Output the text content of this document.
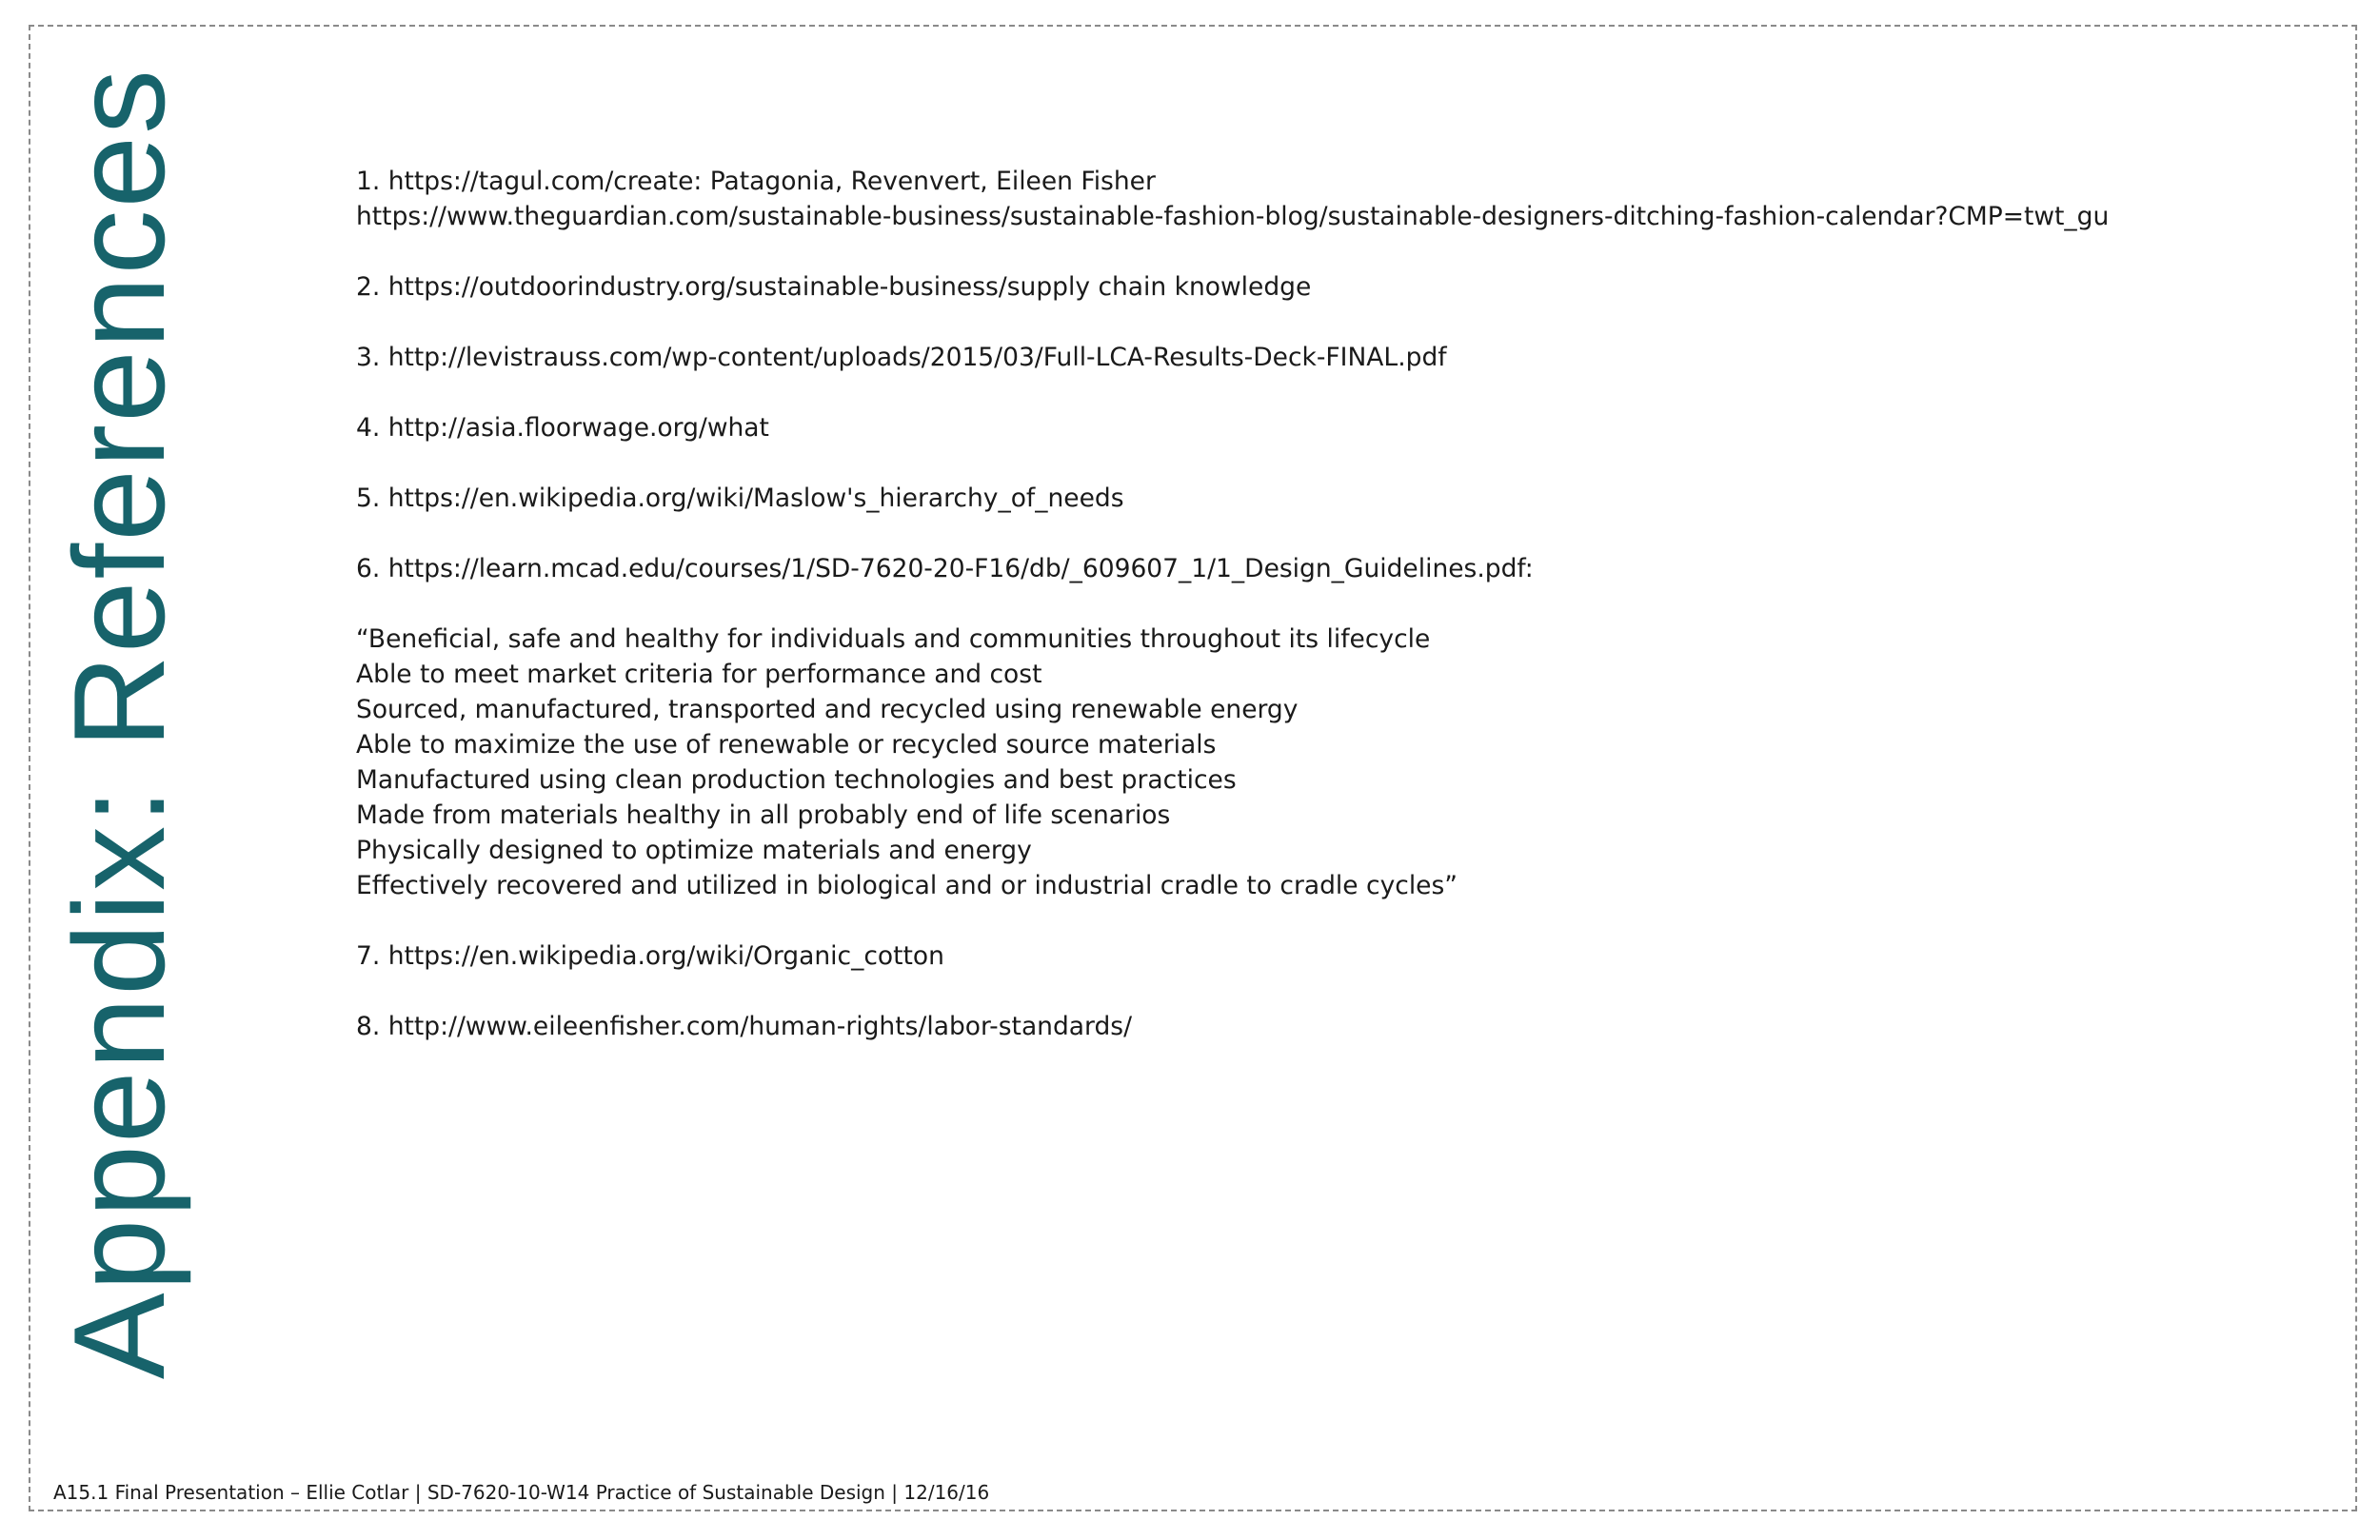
Appendix: References	1. https://tagul.com/create: Patagonia, Revenvert, Eileen Fisher
https://www.theguardian.com/sustainable-business/sustainable-fashion-blog/sustainable-designers-ditching-fashion-calendar?CMP=twt_gu
2. https://outdoorindustry.org/sustainable-business/supply chain knowledge
3. http://levistrauss.com/wp-content/uploads/2015/03/Full-LCA-Results-Deck-FINAL.pdf
4. http://asia.floorwage.org/what
5. https://en.wikipedia.org/wiki/Maslow's_hierarchy_of_needs
6. https://learn.mcad.edu/courses/1/SD-7620-20-F16/db/_609607_1/1_Design_Guidelines.pdf:
“Beneficial, safe and healthy for individuals and communities throughout its lifecycle
Able to meet market criteria for performance and cost
Sourced, manufactured, transported and recycled using renewable energy
Able to maximize the use of renewable or recycled source materials
Manufactured using clean production technologies and best practices
Made from materials healthy in all probably end of life scenarios
Physically designed to optimize materials and energy
Effectively recovered and utilized in biological and or industrial cradle to cradle cycles”
7. https://en.wikipedia.org/wiki/Organic_cotton
8. http://www.eileenfisher.com/human-rights/labor-standards/
A15.1 Final Presentation – Ellie Cotlar | SD-7620-10-W14 Practice of Sustainable Design | 12/16/16
